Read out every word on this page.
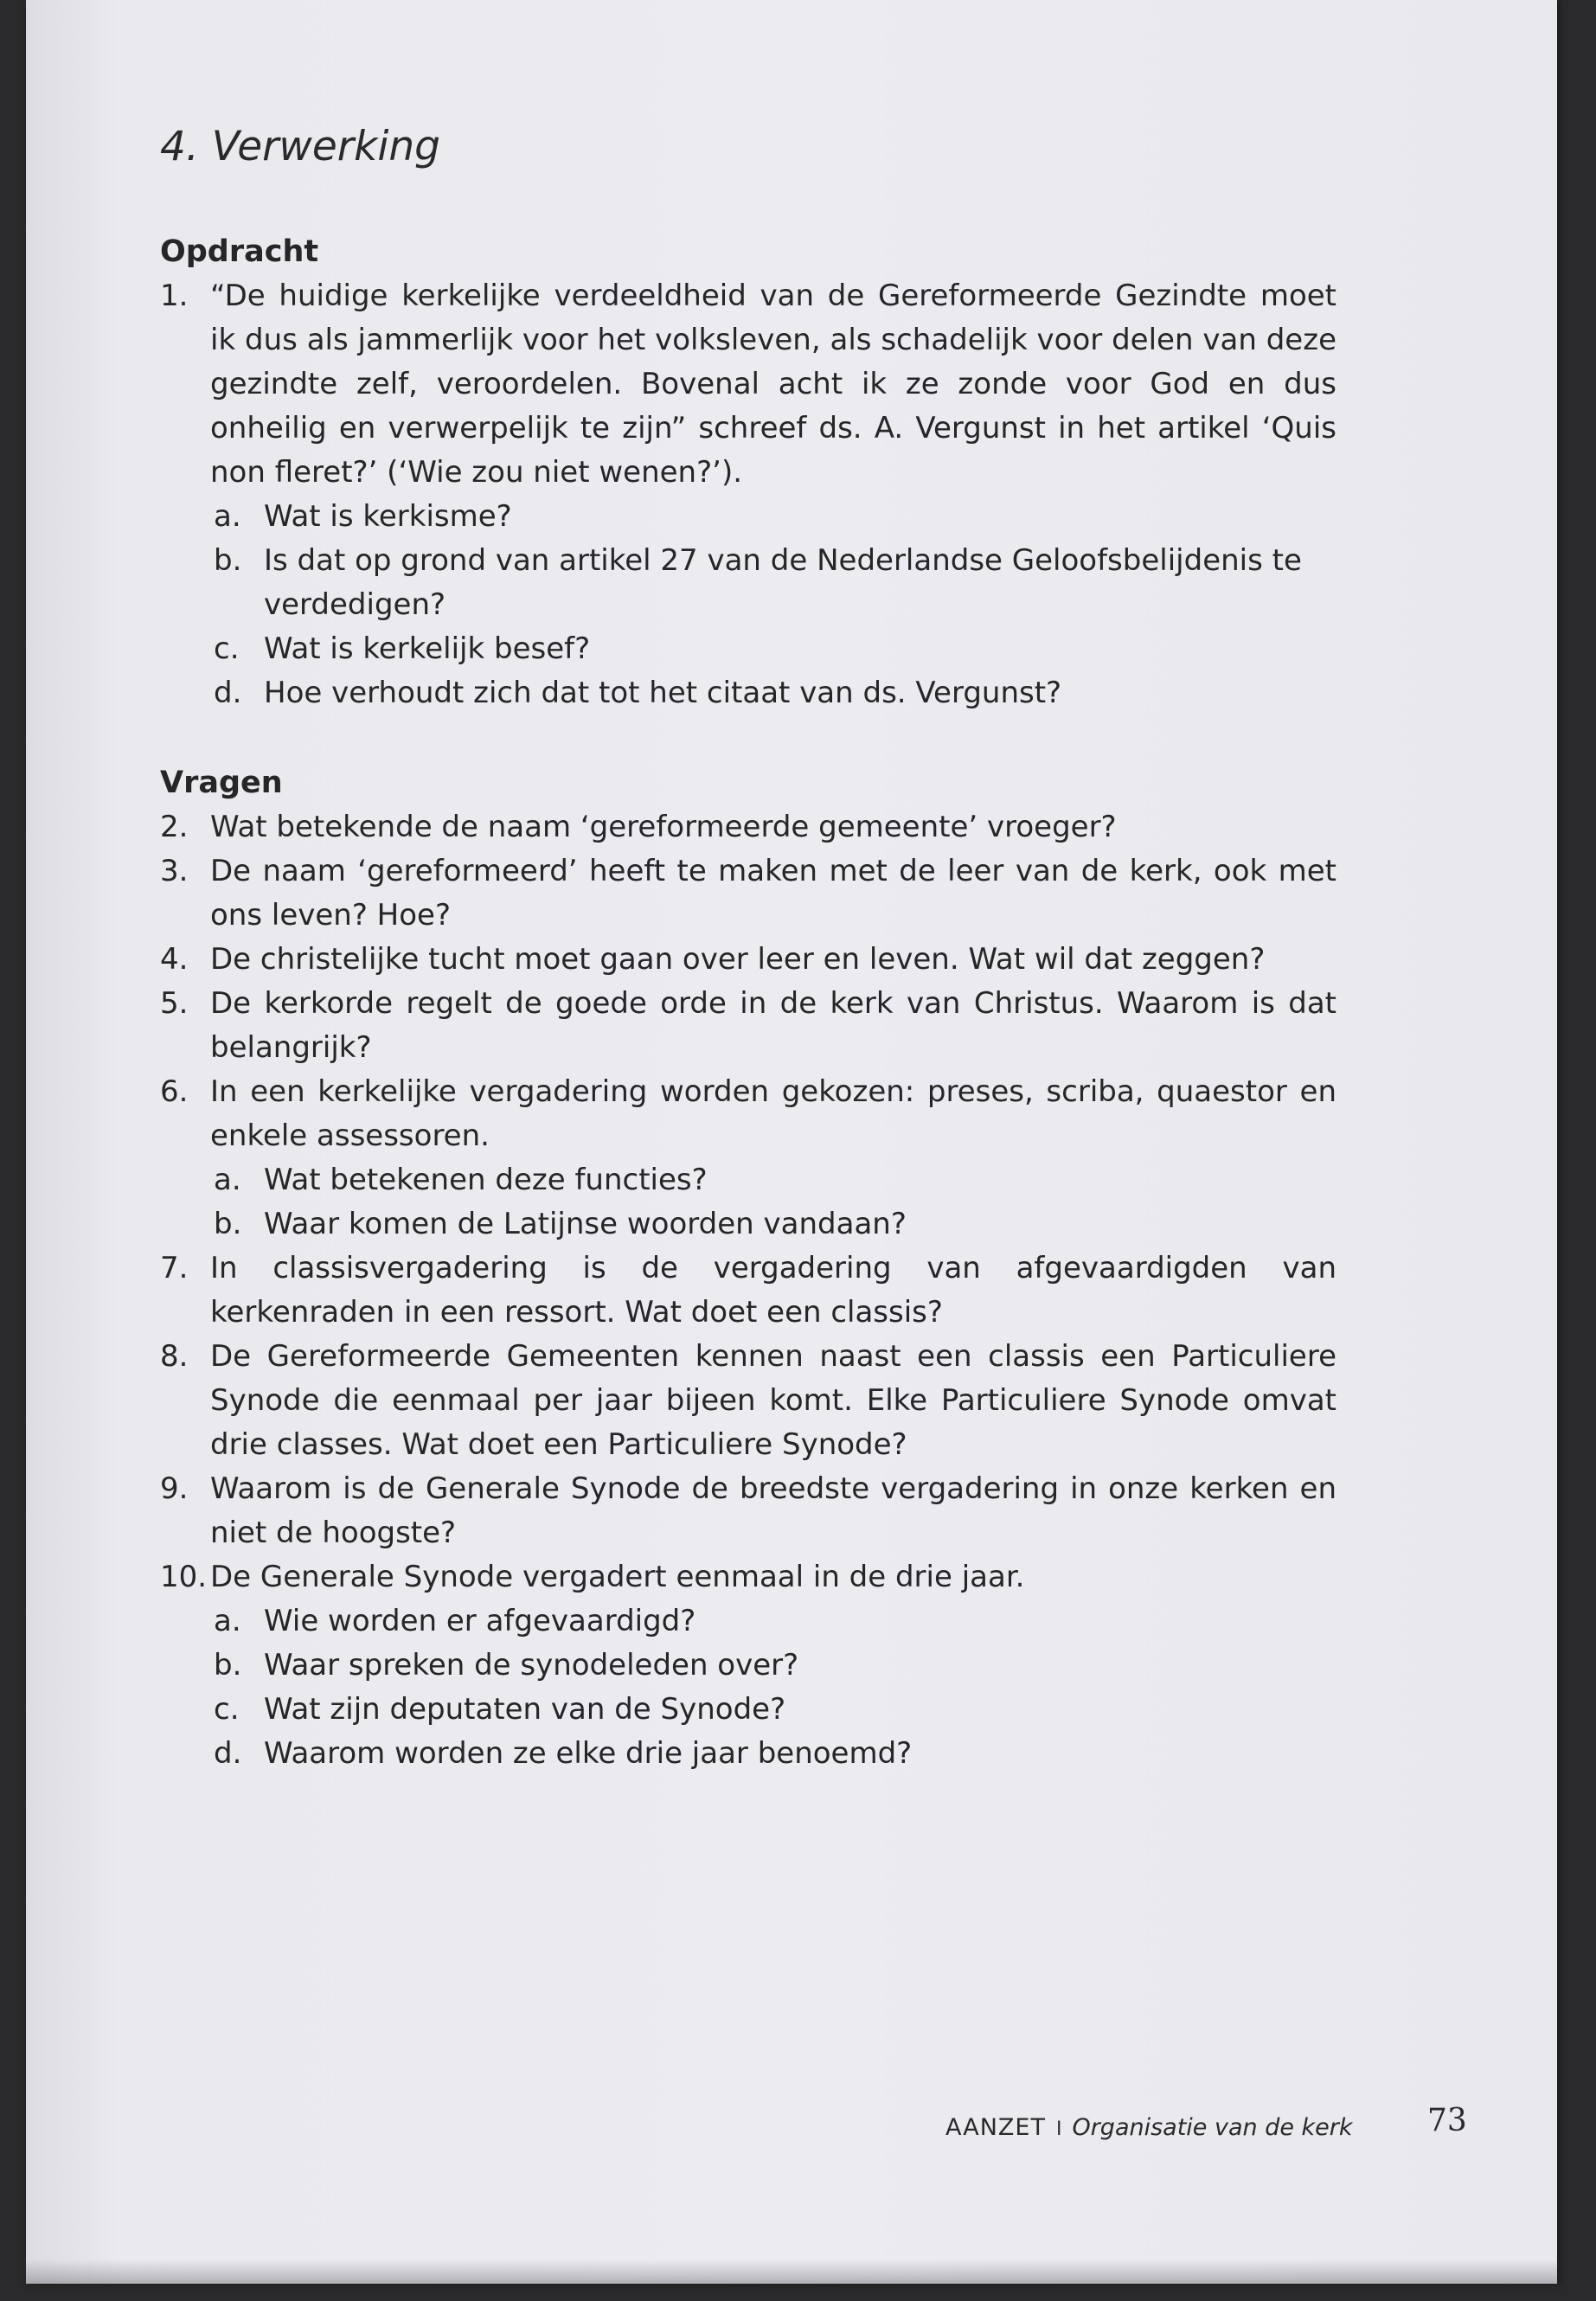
4. Verwerking
Opdracht
1. “De huidige kerkelijke verdeeldheid van de Gereformeerde Gezindte moet ik dus als jammerlijk voor het volksleven, als schadelijk voor delen van deze gezindte zelf, veroordelen. Bovenal acht ik ze zonde voor God en dus onheilig en verwerpelijk te zijn” schreef ds. A. Vergunst in het artikel ‘Quis non fleret?’ (‘Wie zou niet wenen?’).
a. Wat is kerkisme?
b. Is dat op grond van artikel 27 van de Nederlandse Geloofsbelijdenis te verdedigen?
c. Wat is kerkelijk besef?
d. Hoe verhoudt zich dat tot het citaat van ds. Vergunst?
Vragen
2. Wat betekende de naam ‘gereformeerde gemeente’ vroeger?
3. De naam ‘gereformeerd’ heeft te maken met de leer van de kerk, ook met ons leven? Hoe?
4. De christelijke tucht moet gaan over leer en leven. Wat wil dat zeggen?
5. De kerkorde regelt de goede orde in de kerk van Christus. Waarom is dat belangrijk?
6. In een kerkelijke vergadering worden gekozen: preses, scriba, quaestor en enkele assessoren.
a. Wat betekenen deze functies?
b. Waar komen de Latijnse woorden vandaan?
7. In classisvergadering is de vergadering van afgevaardigden van kerkenraden in een ressort. Wat doet een classis?
8. De Gereformeerde Gemeenten kennen naast een classis een Particuliere Synode die eenmaal per jaar bijeen komt. Elke Particuliere Synode omvat drie classes. Wat doet een Particuliere Synode?
9. Waarom is de Generale Synode de breedste vergadering in onze kerken en niet de hoogste?
10. De Generale Synode vergadert eenmaal in de drie jaar.
a. Wie worden er afgevaardigd?
b. Waar spreken de synodeleden over?
c. Wat zijn deputaten van de Synode?
d. Waarom worden ze elke drie jaar benoemd?
AANZET I Organisatie van de kerk 73
